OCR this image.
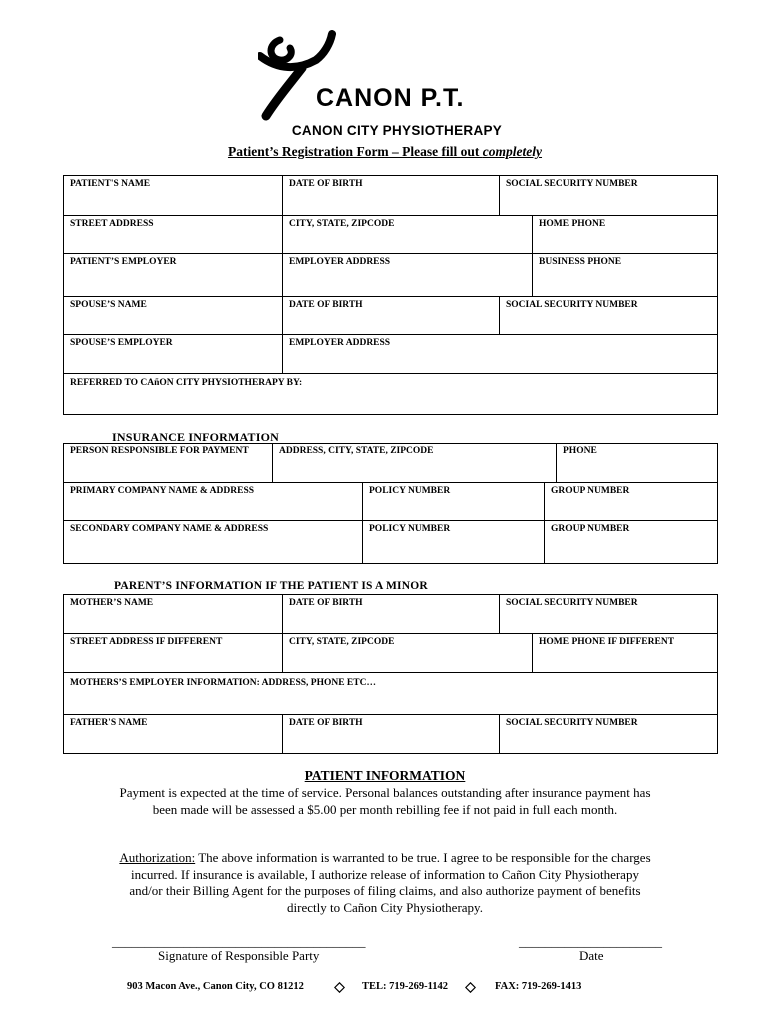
CANON P.T.
CANON CITY PHYSIOTHERAPY
Patient’s Registration Form – Please fill out completely
PATIENT'S NAME	DATE OF BIRTH	SOCIAL SECURITY NUMBER
STREET ADDRESS	CITY, STATE, ZIPCODE	HOME PHONE
PATIENT’S EMPLOYER	EMPLOYER ADDRESS	BUSINESS PHONE
SPOUSE’S NAME	DATE OF BIRTH	SOCIAL SECURITY NUMBER
SPOUSE’S EMPLOYER	EMPLOYER ADDRESS
REFERRED TO CAñON CITY PHYSIOTHERAPY BY:
INSURANCE INFORMATION
PERSON RESPONSIBLE FOR PAYMENT	ADDRESS, CITY, STATE, ZIPCODE	PHONE
PRIMARY COMPANY NAME & ADDRESS	POLICY NUMBER	GROUP NUMBER
SECONDARY COMPANY NAME & ADDRESS	POLICY NUMBER	GROUP NUMBER
PARENT’S INFORMATION IF THE PATIENT IS A MINOR
MOTHER’S NAME	DATE OF BIRTH	SOCIAL SECURITY NUMBER
STREET ADDRESS IF DIFFERENT	CITY, STATE, ZIPCODE	HOME PHONE IF DIFFERENT
MOTHERS’S EMPLOYER INFORMATION: ADDRESS, PHONE ETC…
FATHER'S NAME	DATE OF BIRTH	SOCIAL SECURITY NUMBER
PATIENT INFORMATION
Payment is expected at the time of service. Personal balances outstanding after insurance payment has been made will be assessed a $5.00 per month rebilling fee if not paid in full each month.
Authorization: The above information is warranted to be true. I agree to be responsible for the charges incurred. If insurance is available, I authorize release of information to Cañon City Physiotherapy and/or their Billing Agent for the purposes of filing claims, and also authorize payment of benefits directly to Cañon City Physiotherapy.
_______________________________________
Signature of Responsible Party
______________________
Date
903 Macon Ave., Canon City, CO 81212	TEL: 719-269-1142	FAX: 719-269-1413
